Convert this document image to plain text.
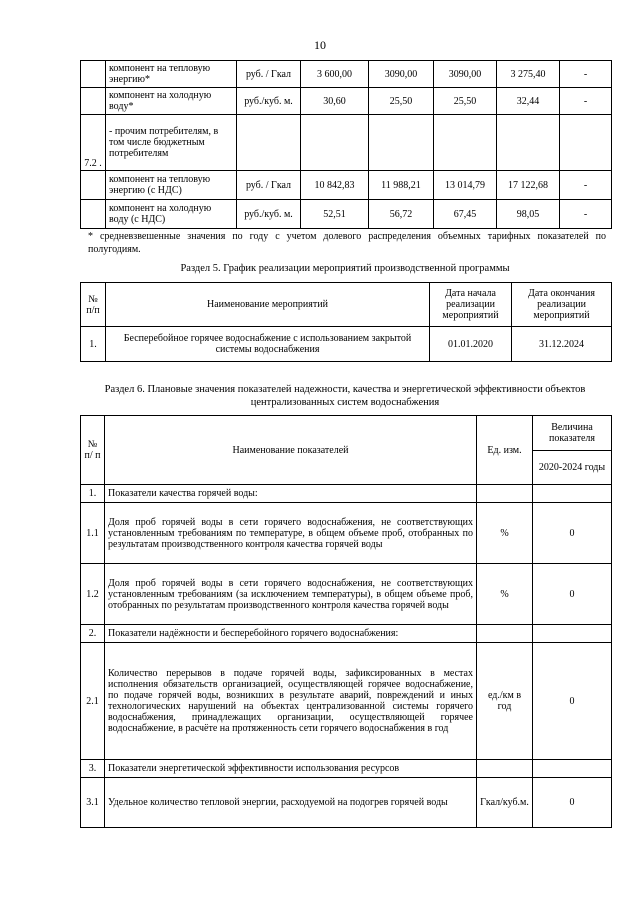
10
	компонент на тепловую энергию*	руб. / Гкал	3 600,00	3090,00	3090,00	3 275,40	-
	компонент на холодную воду*	руб./куб. м.	30,60	25,50	25,50	32,44	-
7.2 .	- прочим потребителям, в том числе бюджетным потребителям						
	компонент на тепловую энергию (с НДС)	руб. / Гкал	10 842,83	11 988,21	13 014,79	17 122,68	-
	компонент на холодную воду (с НДС)	руб./куб. м.	52,51	56,72	67,45	98,05	-
* средневзвешенные значения по году с учетом долевого распределения объемных тарифных показателей по полугодиям.
Раздел 5. График реализации мероприятий производственной программы
№ п/п	Наименование мероприятий	Дата начала реализации мероприятий	Дата окончания реализации мероприятий
1.	Бесперебойное горячее водоснабжение с использованием закрытой системы водоснабжения	01.01.2020	31.12.2024
Раздел 6. Плановые значения показателей надежности, качества и энергетической эффективности объектов централизованных систем водоснабжения
№ п/ п	Наименование показателей	Ед. изм.	Величина показателя
			2020-2024 годы
1.	Показатели качества горячей воды:		
1.1	Доля проб горячей воды в сети горячего водоснабжения, не соответствующих установленным требованиям по температуре, в общем объеме проб, отобранных по результатам производственного контроля качества горячей воды	%	0
1.2	Доля проб горячей воды в сети горячего водоснабжения, не соответствующих установленным требованиям (за исключением температуры), в общем объеме проб, отобранных по результатам производственного контроля качества горячей воды	%	0
2.	Показатели надёжности и бесперебойного горячего водоснабжения:		
2.1	Количество перерывов в подаче горячей воды, зафиксированных в местах исполнения обязательств организацией, осуществляющей горячее водоснабжение, по подаче горячей воды, возникших в результате аварий, повреждений и иных технологических нарушений на объектах централизованной системы горячего водоснабжения, принадлежащих организации, осуществляющей горячее водоснабжение, в расчёте на протяженность сети горячего водоснабжения в год	ед./км в год	0
3.	Показатели энергетической эффективности использования ресурсов		
3.1	Удельное количество тепловой энергии, расходуемой на подогрев горячей воды	Гкал/куб.м.	0
